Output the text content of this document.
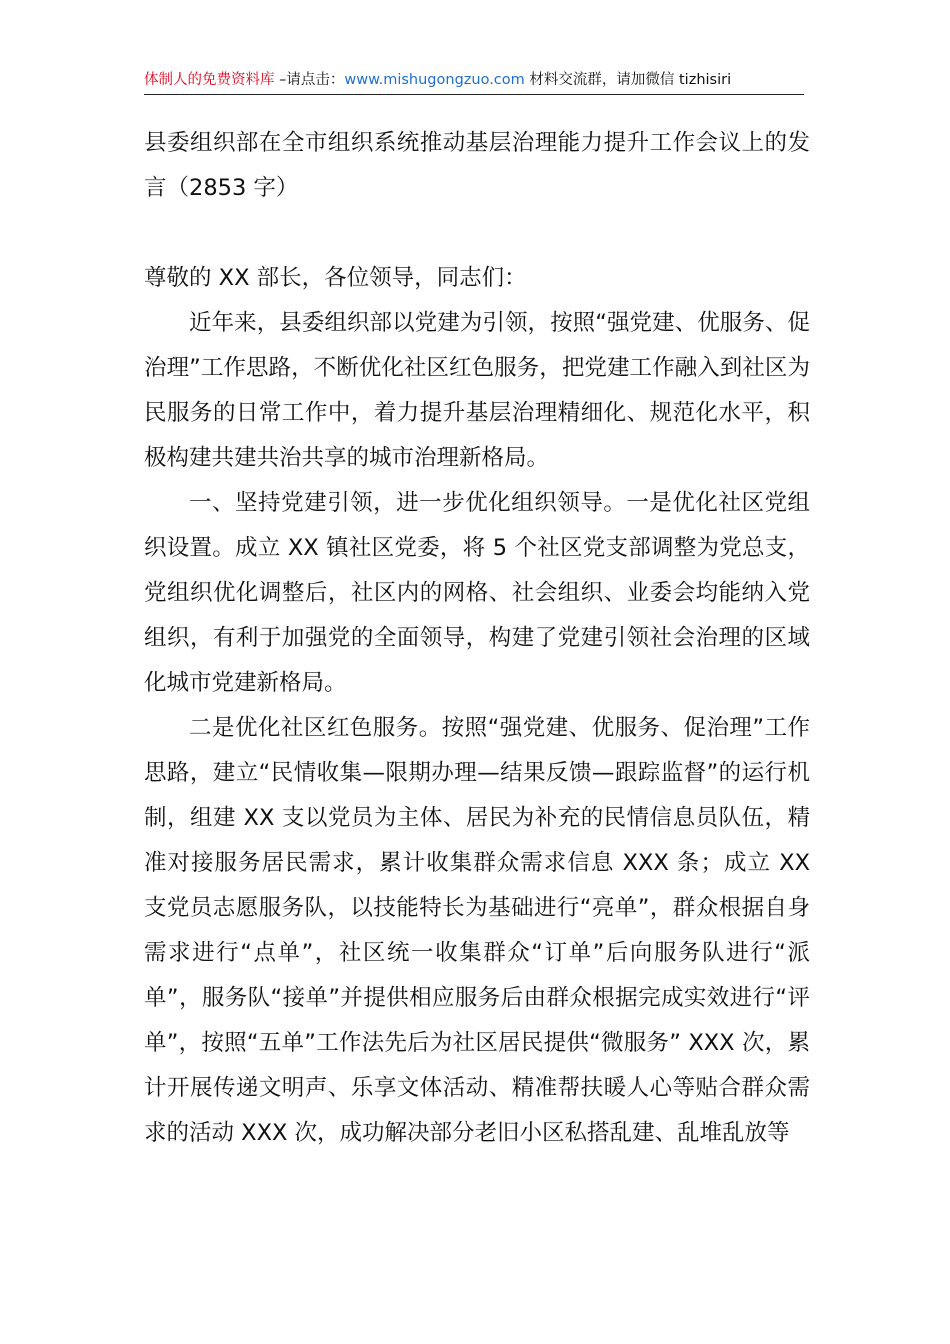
体制人的免费资料库 –请点击：www.mishugongzuo.com 材料交流群，请加微信 tizhisiri

县委组织部在全市组织系统推动基层治理能力提升工作会议上的发言（2853 字）

尊敬的 XX 部长，各位领导，同志们：

近年来，县委组织部以党建为引领，按照“强党建、优服务、促治理”工作思路，不断优化社区红色服务，把党建工作融入到社区为民服务的日常工作中，着力提升基层治理精细化、规范化水平，积极构建共建共治共享的城市治理新格局。

一、坚持党建引领，进一步优化组织领导。一是优化社区党组织设置。成立 XX 镇社区党委，将 5 个社区党支部调整为党总支，党组织优化调整后，社区内的网格、社会组织、业委会均能纳入党组织，有利于加强党的全面领导，构建了党建引领社会治理的区域化城市党建新格局。

二是优化社区红色服务。按照“强党建、优服务、促治理”工作思路，建立“民情收集—限期办理—结果反馈—跟踪监督”的运行机制，组建 XX 支以党员为主体、居民为补充的民情信息员队伍，精准对接服务居民需求，累计收集群众需求信息 XXX 条；成立 XX 支党员志愿服务队，以技能特长为基础进行“亮单”，群众根据自身需求进行“点单”，社区统一收集群众“订单”后向服务队进行“派单”，服务队“接单”并提供相应服务后由群众根据完成实效进行“评单”，按照“五单”工作法先后为社区居民提供“微服务” XXX 次，累计开展传递文明声、乐享文体活动、精准帮扶暖人心等贴合群众需求的活动 XXX 次，成功解决部分老旧小区私搭乱建、乱堆乱放等
